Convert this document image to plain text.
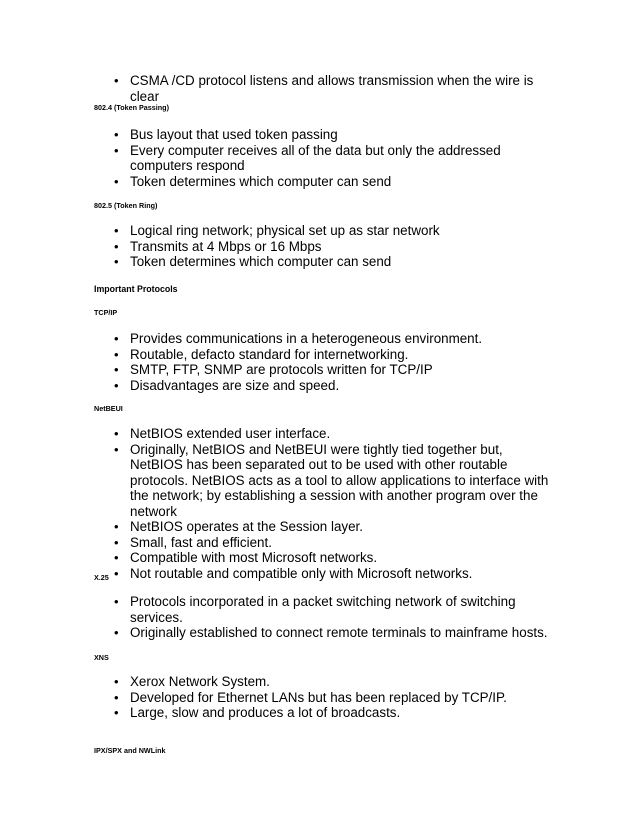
• CSMA /CD protocol listens and allows transmission when the wire is clear
802.4 (Token Passing)
• Bus layout that used token passing
• Every computer receives all of the data but only the addressed computers respond
• Token determines which computer can send
802.5 (Token Ring)
• Logical ring network; physical set up as star network
• Transmits at 4 Mbps or 16 Mbps
• Token determines which computer can send
Important Protocols
TCP/IP
• Provides communications in a heterogeneous environment.
• Routable, defacto standard for internetworking.
• SMTP, FTP, SNMP are protocols written for TCP/IP
• Disadvantages are size and speed.
NetBEUI
• NetBIOS extended user interface.
• Originally, NetBIOS and NetBEUI were tightly tied together but, NetBIOS has been separated out to be used with other routable protocols. NetBIOS acts as a tool to allow applications to interface with the network; by establishing a session with another program over the network
• NetBIOS operates at the Session layer.
• Small, fast and efficient.
• Compatible with most Microsoft networks.
• Not routable and compatible only with Microsoft networks.
X.25
• Protocols incorporated in a packet switching network of switching services.
• Originally established to connect remote terminals to mainframe hosts.
XNS
• Xerox Network System.
• Developed for Ethernet LANs but has been replaced by TCP/IP.
• Large, slow and produces a lot of broadcasts.
IPX/SPX and NWLink
